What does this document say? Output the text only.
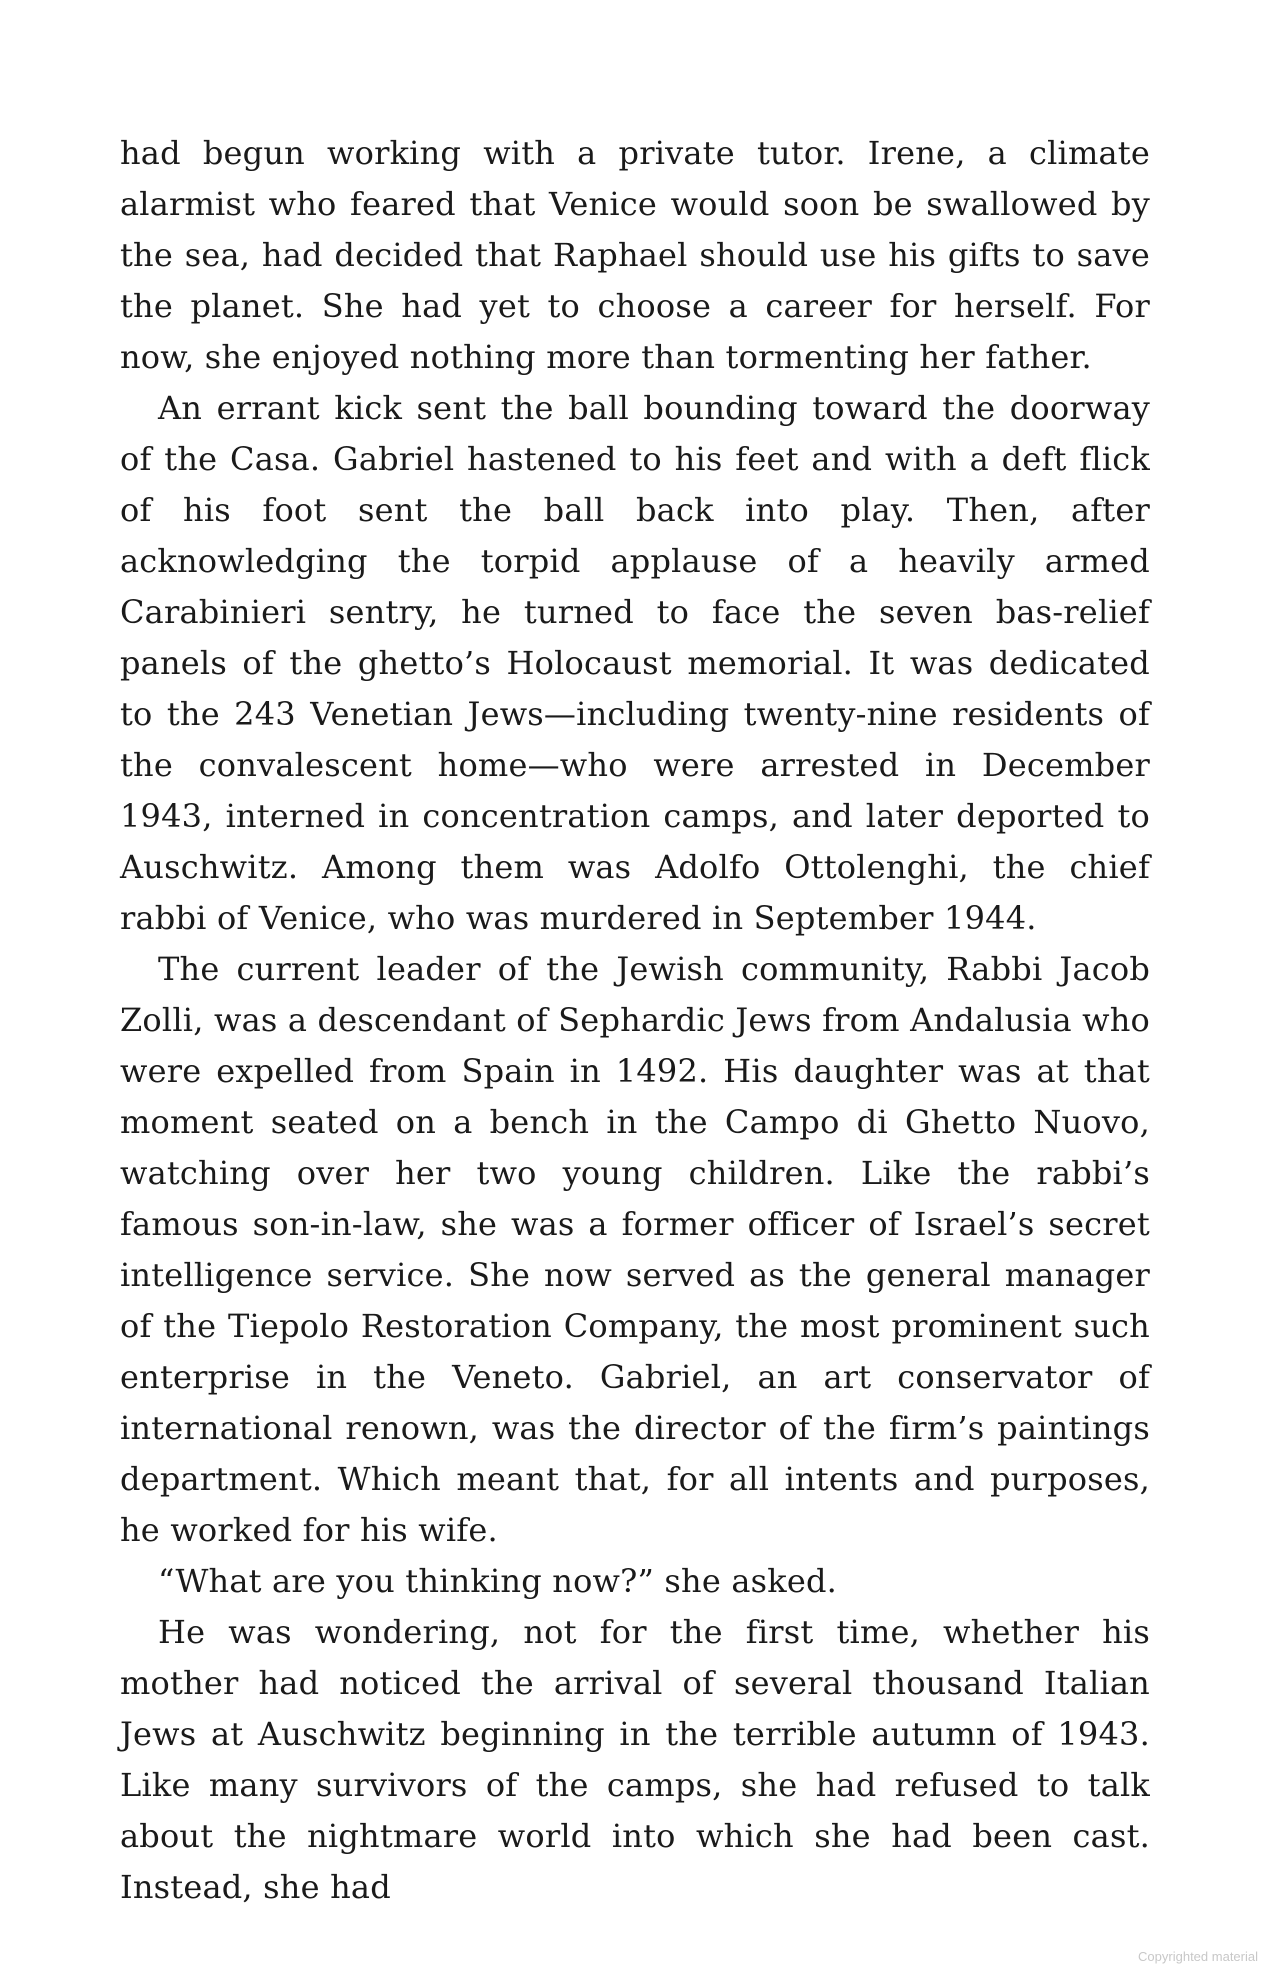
had begun working with a private tutor. Irene, a climate alarmist who feared that Venice would soon be swallowed by the sea, had decided that Raphael should use his gifts to save the planet. She had yet to choose a career for herself. For now, she enjoyed nothing more than tormenting her father.

An errant kick sent the ball bounding toward the doorway of the Casa. Gabriel hastened to his feet and with a deft flick of his foot sent the ball back into play. Then, after acknowledging the torpid applause of a heavily armed Carabinieri sentry, he turned to face the seven bas-relief panels of the ghetto’s Holocaust memorial. It was dedicated to the 243 Venetian Jews—including twenty-nine residents of the convalescent home—who were arrested in December 1943, interned in concentration camps, and later deported to Auschwitz. Among them was Adolfo Ottolenghi, the chief rabbi of Venice, who was murdered in September 1944.

The current leader of the Jewish community, Rabbi Jacob Zolli, was a descendant of Sephardic Jews from Andalusia who were expelled from Spain in 1492. His daughter was at that moment seated on a bench in the Campo di Ghetto Nuovo, watching over her two young children. Like the rabbi’s famous son-in-law, she was a former officer of Israel’s secret intelligence service. She now served as the general manager of the Tiepolo Restoration Company, the most prominent such enterprise in the Veneto. Gabriel, an art conservator of international renown, was the director of the firm’s paintings department. Which meant that, for all intents and purposes, he worked for his wife.

“What are you thinking now?” she asked.

He was wondering, not for the first time, whether his mother had noticed the arrival of several thousand Italian Jews at Auschwitz beginning in the terrible autumn of 1943. Like many survivors of the camps, she had refused to talk about the nightmare world into which she had been cast. Instead, she had

Copyrighted material
